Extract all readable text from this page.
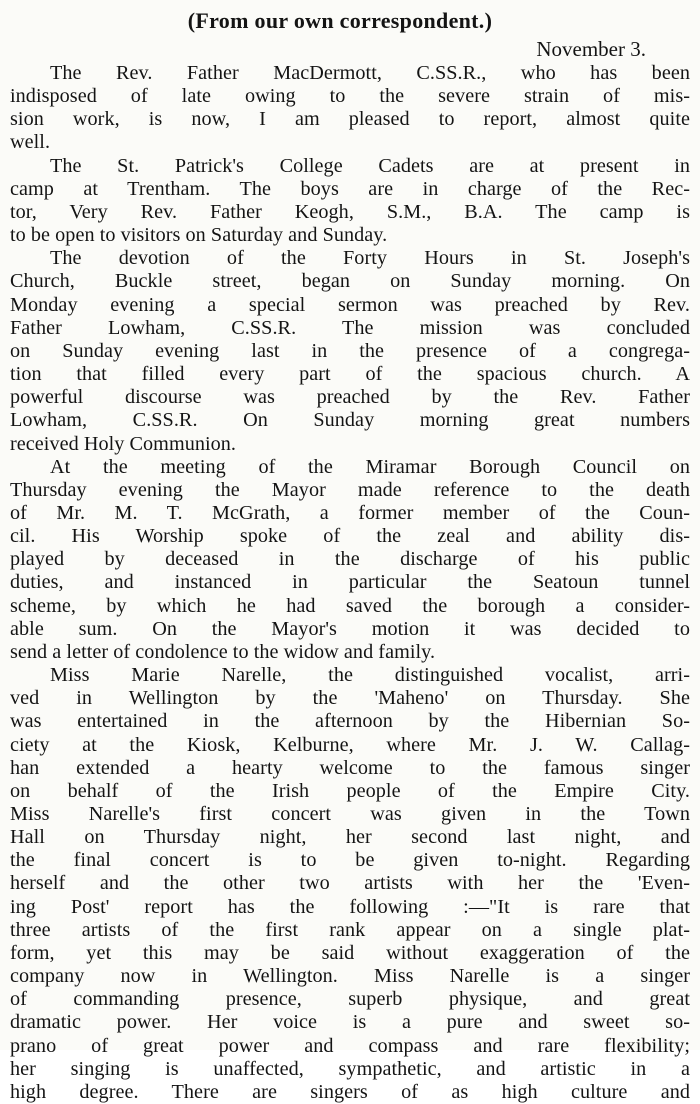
(From our own correspondent.)
November 3.

The Rev. Father MacDermott, C.SS.R., who has been
indisposed of late owing to the severe strain of mis-
sion work, is now, I am pleased to report, almost quite
well.

The St. Patrick's College Cadets are at present in
camp at Trentham. The boys are in charge of the Rec-
tor, Very Rev. Father Keogh, S.M., B.A. The camp is
to be open to visitors on Saturday and Sunday.

The devotion of the Forty Hours in St. Joseph's
Church, Buckle street, began on Sunday morning. On
Monday evening a special sermon was preached by Rev.
Father Lowham, C.SS.R. The mission was concluded
on Sunday evening last in the presence of a congrega-
tion that filled every part of the spacious church. A
powerful discourse was preached by the Rev. Father
Lowham, C.SS.R. On Sunday morning great numbers
received Holy Communion.

At the meeting of the Miramar Borough Council on
Thursday evening the Mayor made reference to the death
of Mr. M. T. McGrath, a former member of the Coun-
cil. His Worship spoke of the zeal and ability dis-
played by deceased in the discharge of his public
duties, and instanced in particular the Seatoun tunnel
scheme, by which he had saved the borough a consider-
able sum. On the Mayor's motion it was decided to
send a letter of condolence to the widow and family.

Miss Marie Narelle, the distinguished vocalist, arri-
ved in Wellington by the 'Maheno' on Thursday. She
was entertained in the afternoon by the Hibernian So-
ciety at the Kiosk, Kelburne, where Mr. J. W. Callag-
han extended a hearty welcome to the famous singer
on behalf of the Irish people of the Empire City.
Miss Narelle's first concert was given in the Town
Hall on Thursday night, her second last night, and
the final concert is to be given to-night. Regarding
herself and the other two artists with her the 'Even-
ing Post' report has the following :—"It is rare that
three artists of the first rank appear on a single plat-
form, yet this may be said without exaggeration of the
company now in Wellington. Miss Narelle is a singer
of commanding presence, superb physique, and great
dramatic power. Her voice is a pure and sweet so-
prano of great power and compass and rare flexibility;
her singing is unaffected, sympathetic, and artistic in a
high degree. There are singers of as high culture and
